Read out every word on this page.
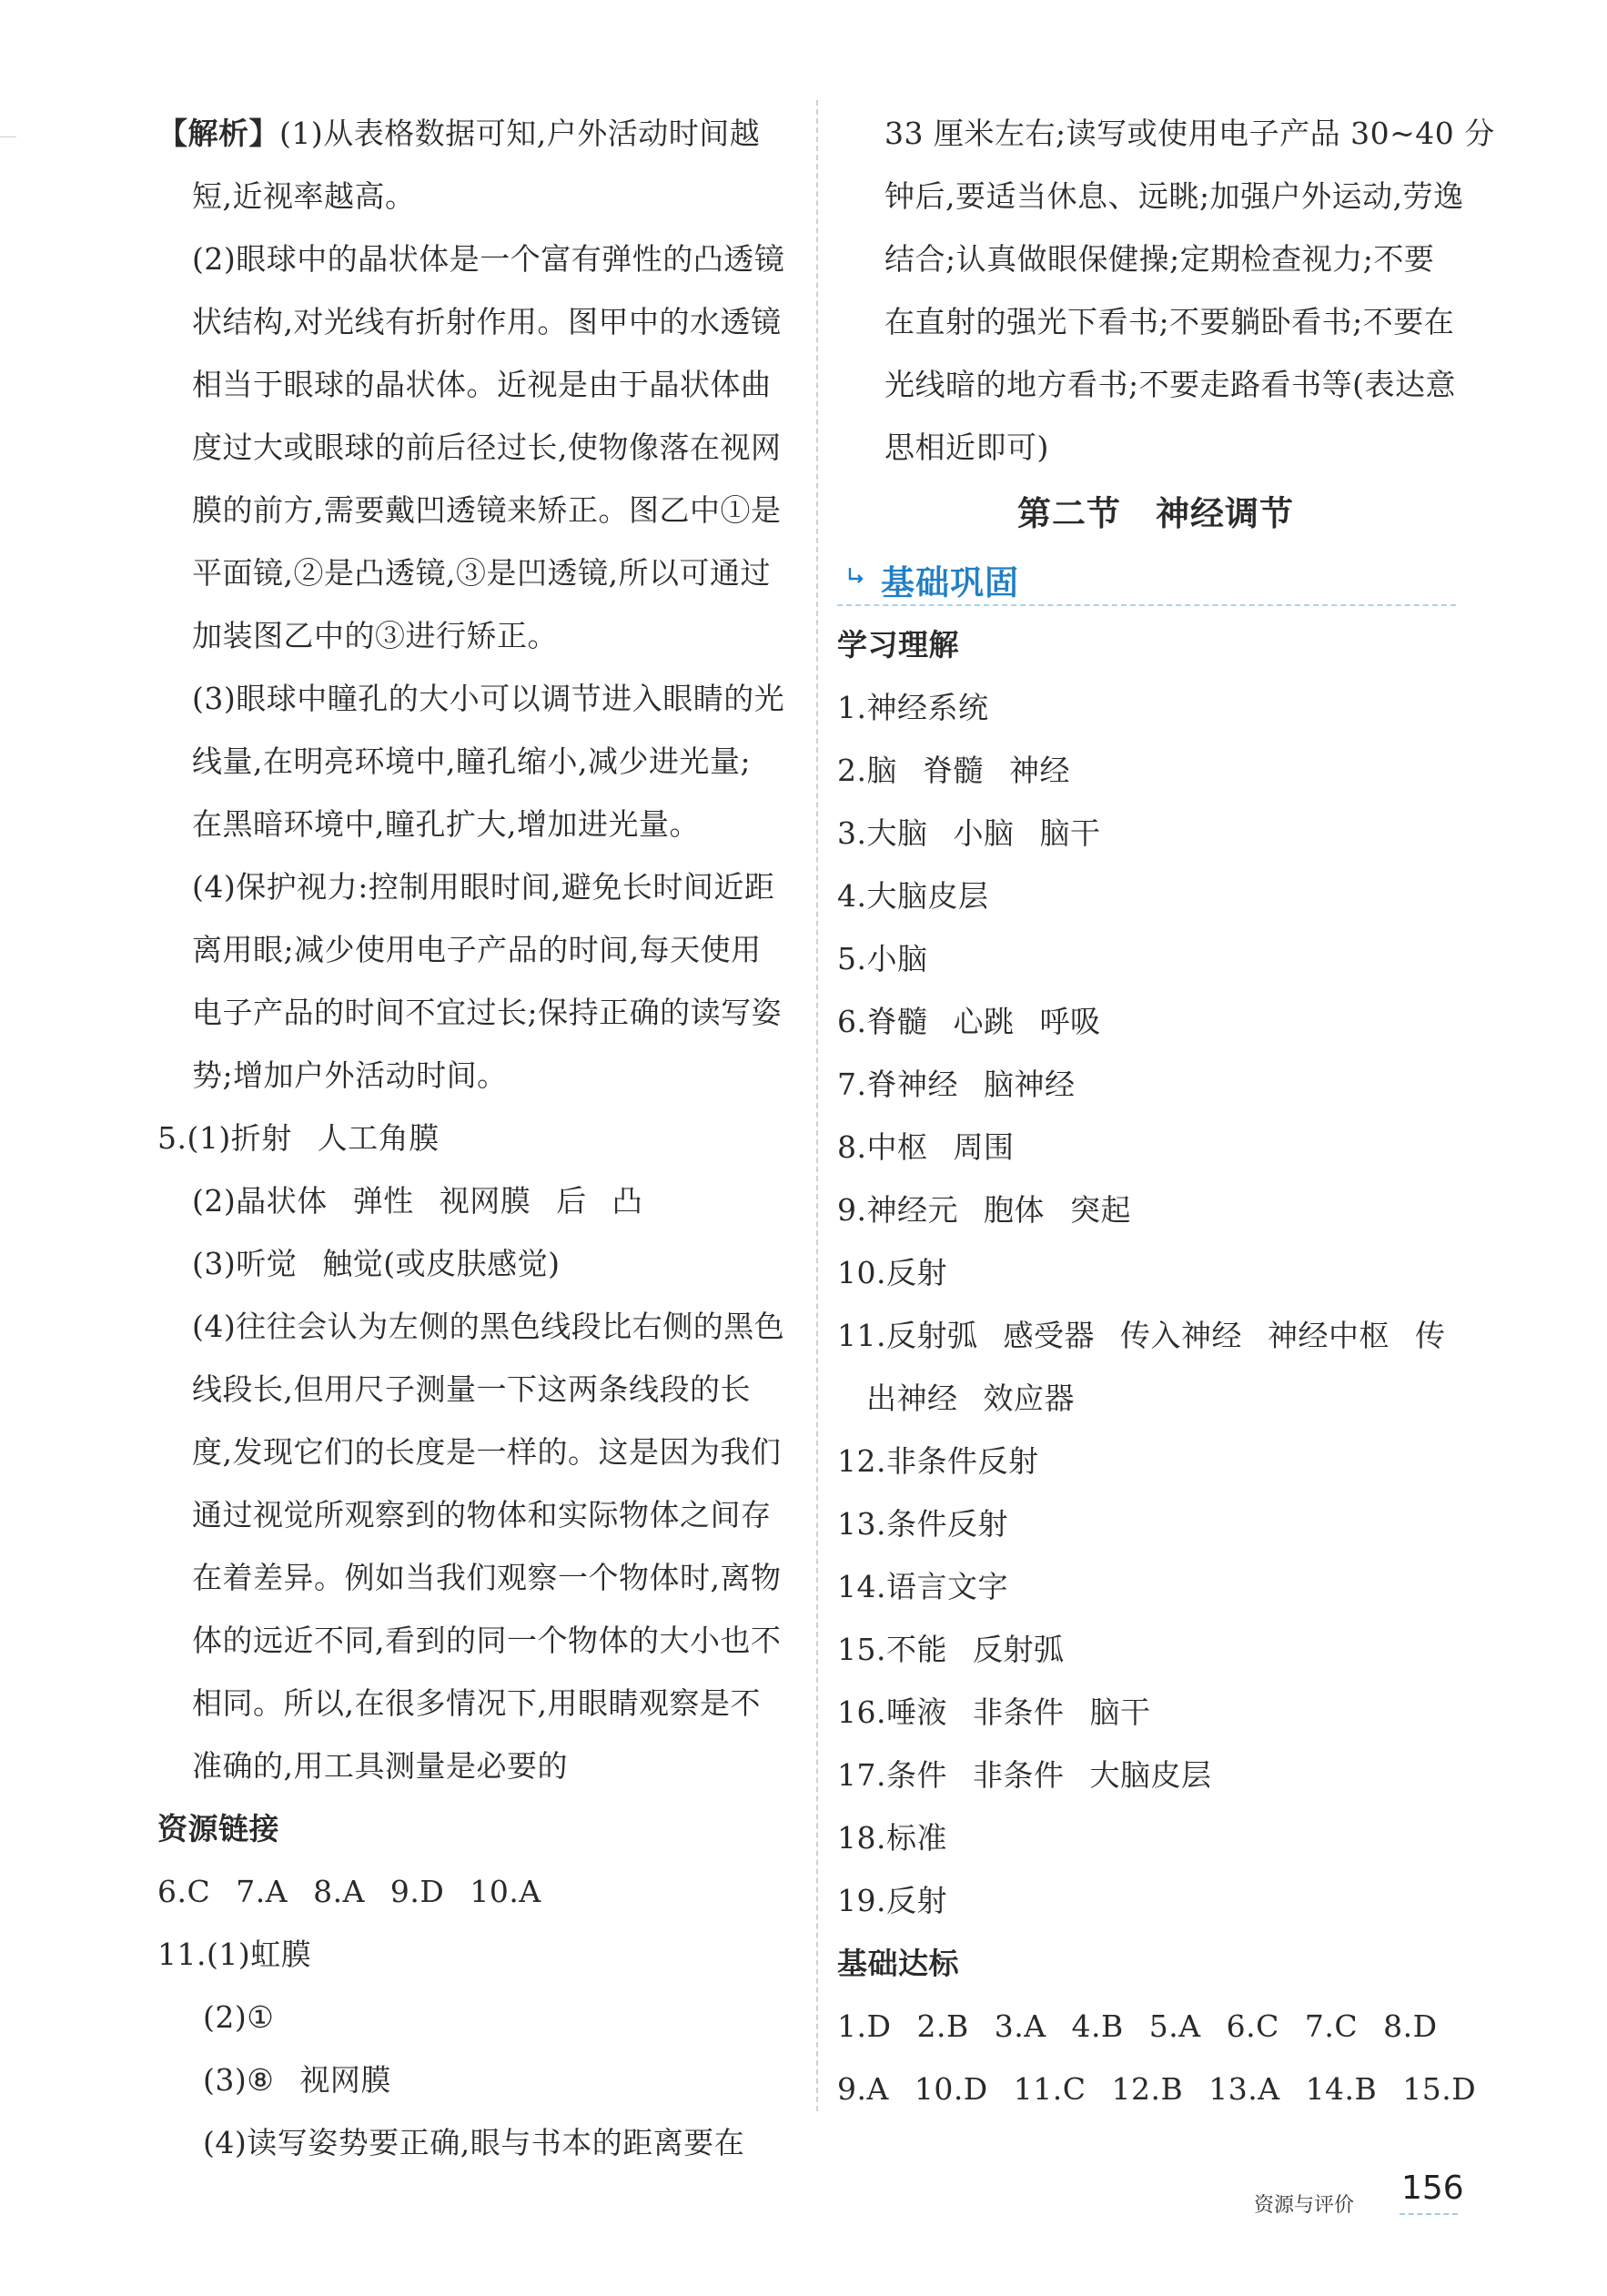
【解析】(1)从表格数据可知,户外活动时间越
短,近视率越高。
(2)眼球中的晶状体是一个富有弹性的凸透镜
状结构,对光线有折射作用。图甲中的水透镜
相当于眼球的晶状体。近视是由于晶状体曲
度过大或眼球的前后径过长,使物像落在视网
膜的前方,需要戴凹透镜来矫正。图乙中①是
平面镜,②是凸透镜,③是凹透镜,所以可通过
加装图乙中的③进行矫正。
(3)眼球中瞳孔的大小可以调节进入眼睛的光
线量,在明亮环境中,瞳孔缩小,减少进光量;
在黑暗环境中,瞳孔扩大,增加进光量。
(4)保护视力:控制用眼时间,避免长时间近距
离用眼;减少使用电子产品的时间,每天使用
电子产品的时间不宜过长;保持正确的读写姿
势;增加户外活动时间。
5.(1)折射 人工角膜
(2)晶状体 弹性 视网膜 后 凸
(3)听觉 触觉(或皮肤感觉)
(4)往往会认为左侧的黑色线段比右侧的黑色
线段长,但用尺子测量一下这两条线段的长
度,发现它们的长度是一样的。这是因为我们
通过视觉所观察到的物体和实际物体之间存
在着差异。例如当我们观察一个物体时,离物
体的远近不同,看到的同一个物体的大小也不
相同。所以,在很多情况下,用眼睛观察是不
准确的,用工具测量是必要的
资源链接
6.C 7.A 8.A 9.D 10.A
11.(1)虹膜
(2)①
(3)⑧ 视网膜
(4)读写姿势要正确,眼与书本的距离要在
33 厘米左右;读写或使用电子产品 30~40 分
钟后,要适当休息、远眺;加强户外运动,劳逸
结合;认真做眼保健操;定期检查视力;不要
在直射的强光下看书;不要躺卧看书;不要在
光线暗的地方看书;不要走路看书等(表达意
思相近即可)
第二节　神经调节
基础巩固
学习理解
1.神经系统
2.脑 脊髓 神经
3.大脑 小脑 脑干
4.大脑皮层
5.小脑
6.脊髓 心跳 呼吸
7.脊神经 脑神经
8.中枢 周围
9.神经元 胞体 突起
10.反射
11.反射弧 感受器 传入神经 神经中枢 传
出神经 效应器
12.非条件反射
13.条件反射
14.语言文字
15.不能 反射弧
16.唾液 非条件 脑干
17.条件 非条件 大脑皮层
18.标准
19.反射
基础达标
1.D 2.B 3.A 4.B 5.A 6.C 7.C 8.D
9.A 10.D 11.C 12.B 13.A 14.B 15.D
资源与评价 156
